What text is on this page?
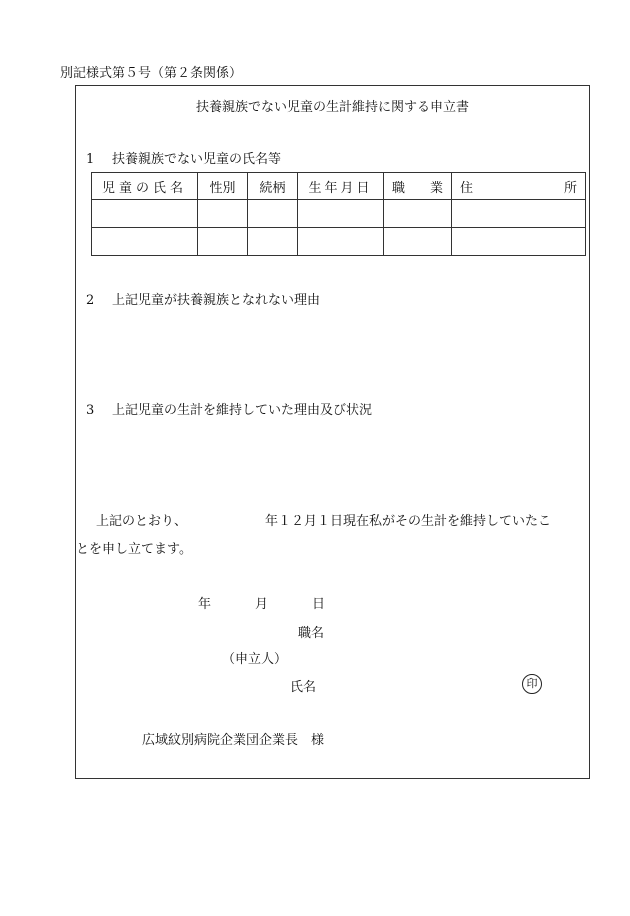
別記様式第５号（第２条関係）
扶養親族でない児童の生計維持に関する申立書
1 扶養親族でない児童の氏名等
児童の氏名	性別	続柄	生年月日	職業	住所

2 上記児童が扶養親族となれない理由
3 上記児童の生計を維持していた理由及び状況
上記のとおり、	年１２月１日現在私がその生計を維持していたこ
とを申し立てます。
年	月	日
職名
（申立人）
氏名	印
広域紋別病院企業団企業長　様
